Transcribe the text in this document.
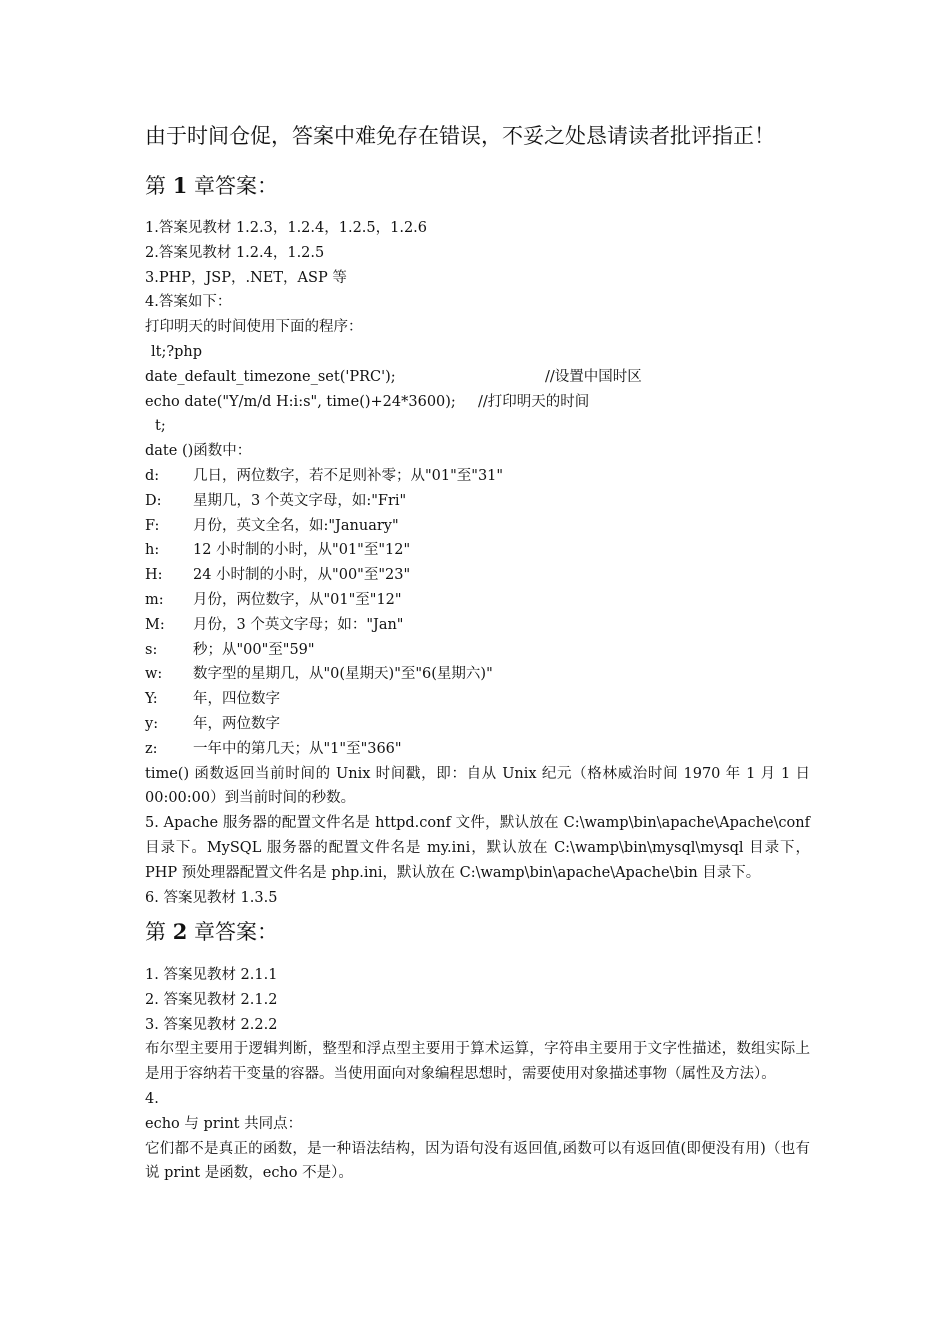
由于时间仓促，答案中难免存在错误，不妥之处恳请读者批评指正！
第 1 章答案：
1.答案见教材 1.2.3，1.2.4，1.2.5，1.2.6
2.答案见教材 1.2.4，1.2.5
3.PHP，JSP，.NET，ASP 等
4.答案如下：
打印明天的时间使用下面的程序：
lt;?php
date_default_timezone_set('PRC');	//设置中国时区
echo date("Y/m/d H:i:s", time()+24*3600); //打印明天的时间
t;
date ()函数中：
d: 几日，两位数字，若不足则补零；从"01"至"31"
D: 星期几，3 个英文字母，如:"Fri"
F: 月份，英文全名，如:"January"
h: 12 小时制的小时，从"01"至"12"
H: 24 小时制的小时，从"00"至"23"
m: 月份，两位数字，从"01"至"12"
M: 月份，3 个英文字母；如："Jan"
s: 秒；从"00"至"59"
w: 数字型的星期几，从"0(星期天)"至"6(星期六)"
Y: 年，四位数字
y: 年，两位数字
z: 一年中的第几天；从"1"至"366"
time() 函数返回当前时间的 Unix 时间戳，即：自从 Unix 纪元（格林威治时间 1970 年 1 月 1 日 00:00:00）到当前时间的秒数。
5. Apache 服务器的配置文件名是 httpd.conf 文件，默认放在 C:\wamp\bin\apache\Apache\conf 目录下。MySQL 服务器的配置文件名是 my.ini，默认放在 C:\wamp\bin\mysql\mysql 目录下，PHP 预处理器配置文件名是 php.ini，默认放在 C:\wamp\bin\apache\Apache\bin 目录下。
6. 答案见教材 1.3.5
第 2 章答案：
1. 答案见教材 2.1.1
2. 答案见教材 2.1.2
3. 答案见教材 2.2.2
布尔型主要用于逻辑判断，整型和浮点型主要用于算术运算，字符串主要用于文字性描述，数组实际上是用于容纳若干变量的容器。当使用面向对象编程思想时，需要使用对象描述事物（属性及方法）。
4.
echo 与 print 共同点：
它们都不是真正的函数，是一种语法结构，因为语句没有返回值,函数可以有返回值(即便没有用)（也有说 print 是函数，echo 不是）。
